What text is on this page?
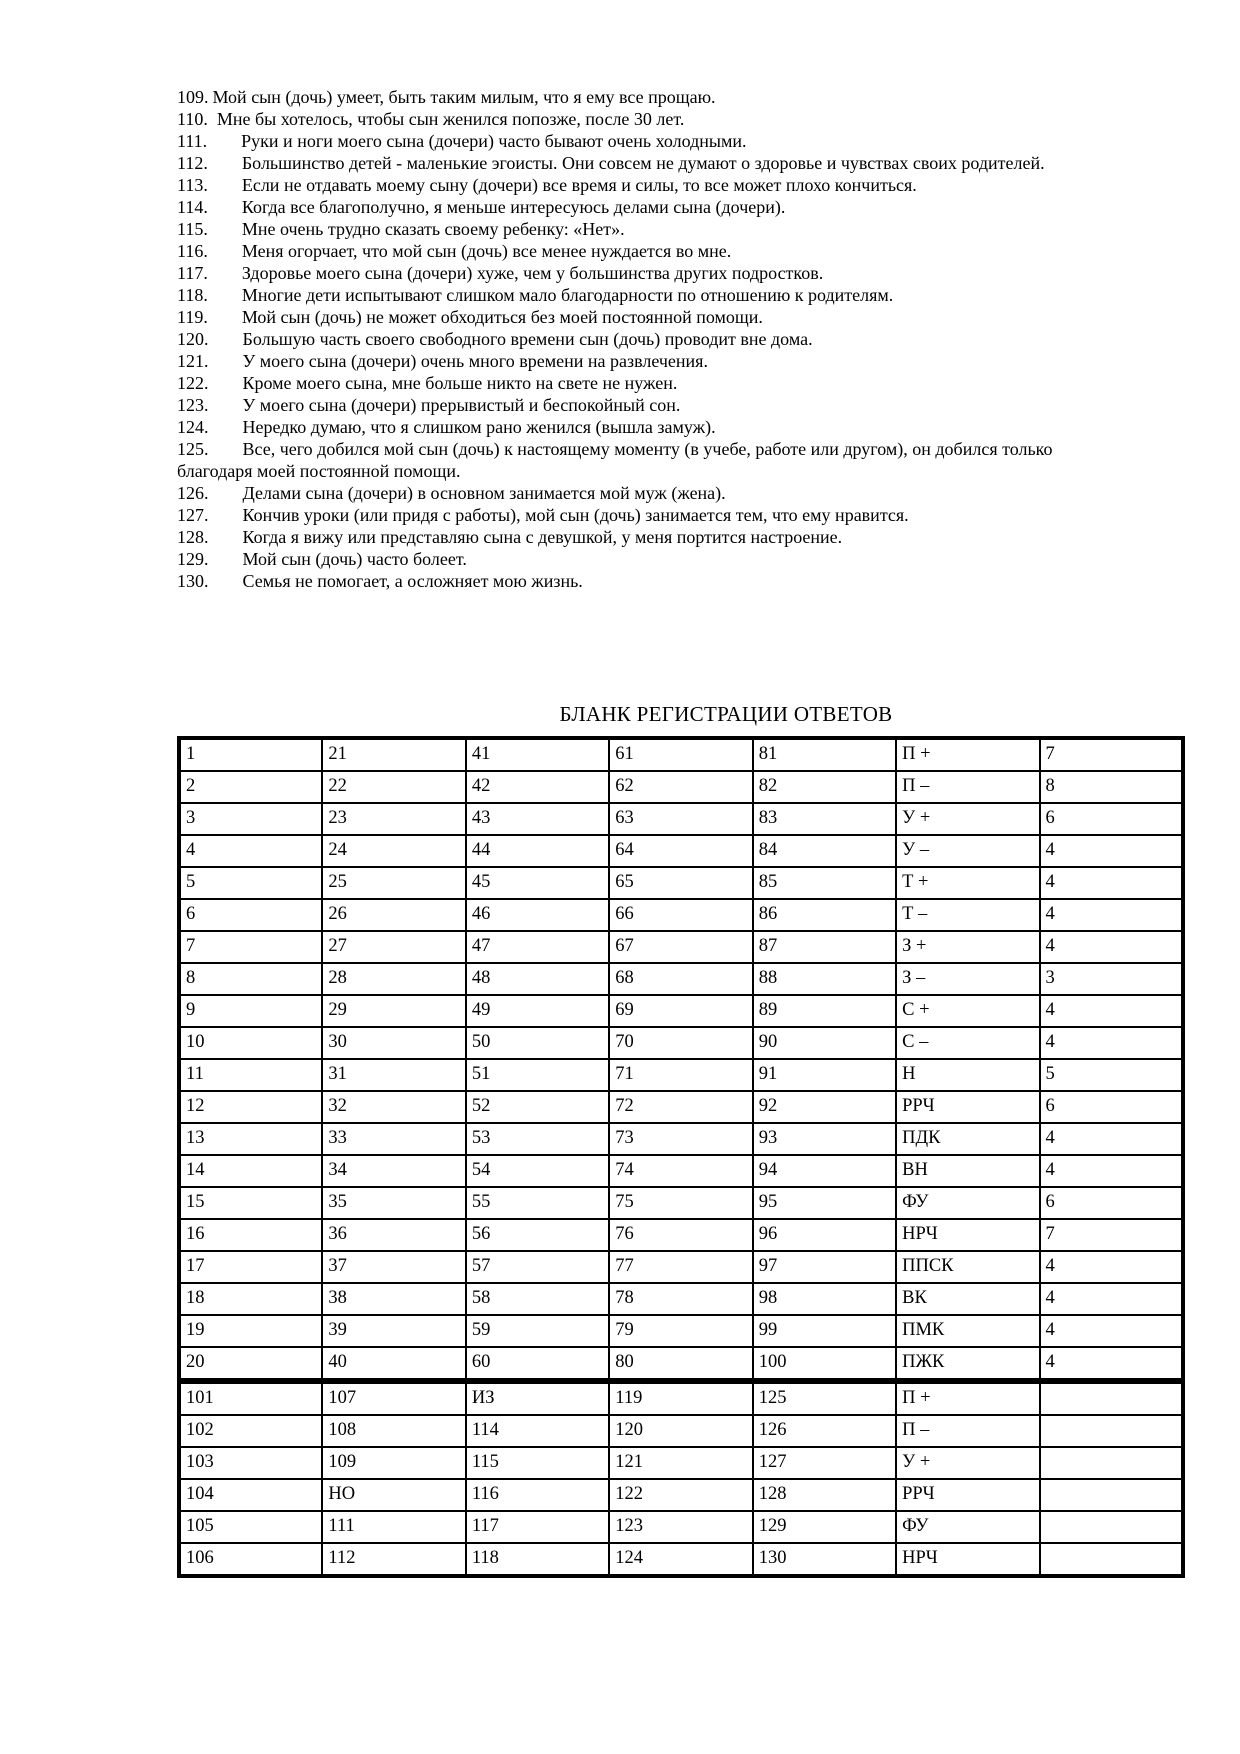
109. Мой сын (дочь) умеет, быть таким милым, что я ему все прощаю.
110. Мне бы хотелось, чтобы сын женился попозже, после 30 лет.
111. Руки и ноги моего сына (дочери) часто бывают очень холодными.
112. Большинство детей - маленькие эгоисты. Они совсем не думают о здоровье и чувствах своих родителей.
113. Если не отдавать моему сыну (дочери) все время и силы, то все может плохо кончиться.
114. Когда все благополучно, я меньше интересуюсь делами сына (дочери).
115. Мне очень трудно сказать своему ребенку: «Нет».
116. Меня огорчает, что мой сын (дочь) все менее нуждается во мне.
117. Здоровье моего сына (дочери) хуже, чем у большинства других подростков.
118. Многие дети испытывают слишком мало благодарности по отношению к родителям.
119. Мой сын (дочь) не может обходиться без моей постоянной помощи.
120. Большую часть своего свободного времени сын (дочь) проводит вне дома.
121. У моего сына (дочери) очень много времени на развлечения.
122. Кроме моего сына, мне больше никто на свете не нужен.
123. У моего сына (дочери) прерывистый и беспокойный сон.
124. Нередко думаю, что я слишком рано женился (вышла замуж).
125. Все, чего добился мой сын (дочь) к настоящему моменту (в учебе, работе или другом), он добился только
благодаря моей постоянной помощи.
126. Делами сына (дочери) в основном занимается мой муж (жена).
127. Кончив уроки (или придя с работы), мой сын (дочь) занимается тем, что ему нравится.
128. Когда я вижу или представляю сына с девушкой, у меня портится настроение.
129. Мой сын (дочь) часто болеет.
130. Семья не помогает, а осложняет мою жизнь.
БЛАНК РЕГИСТРАЦИИ ОТВЕТОВ
1	21	41	61	81	П +	7
2	22	42	62	82	П –	8
3	23	43	63	83	У +	6
4	24	44	64	84	У –	4
5	25	45	65	85	Т +	4
6	26	46	66	86	Т –	4
7	27	47	67	87	З +	4
8	28	48	68	88	З –	3
9	29	49	69	89	С +	4
10	30	50	70	90	С –	4
11	31	51	71	91	Н	5
12	32	52	72	92	РРЧ	6
13	33	53	73	93	ПДК	4
14	34	54	74	94	ВН	4
15	35	55	75	95	ФУ	6
16	36	56	76	96	НРЧ	7
17	37	57	77	97	ППСК	4
18	38	58	78	98	ВК	4
19	39	59	79	99	ПМК	4
20	40	60	80	100	ПЖК	4
101	107	ИЗ	119	125	П +	
102	108	114	120	126	П –	
103	109	115	121	127	У +	
104	НО	116	122	128	РРЧ	
105	111	117	123	129	ФУ	
106	112	118	124	130	НРЧ	
